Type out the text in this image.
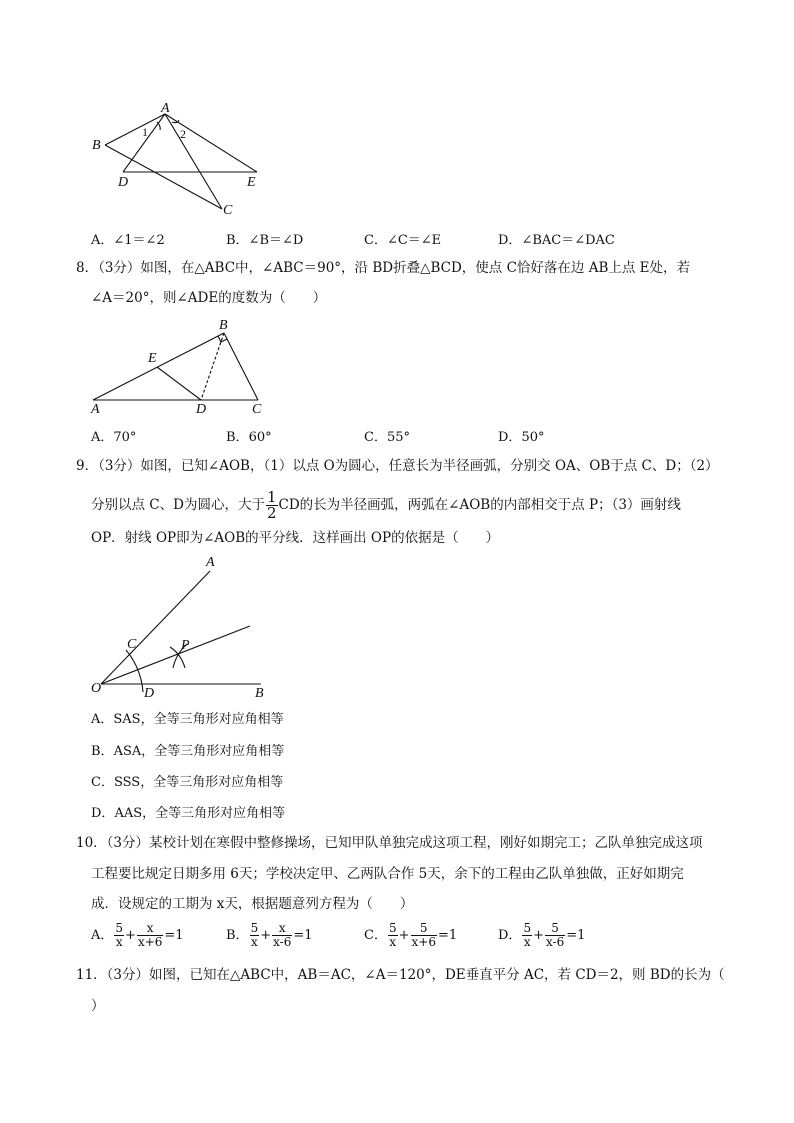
A
B
D	E
C
1	2
A．∠1＝∠2	B．∠B＝∠D	C．∠C＝∠E	D．∠BAC＝∠DAC
8．（3分）如图，在△ABC中，∠ABC＝90°，沿 BD折叠△BCD，使点 C恰好落在边 AB上点 E处，若
∠A＝20°，则∠ADE的度数为（　　）
B
E
A	D	C
A．70°	B．60°	C．55°	D．50°
9．（3分）如图，已知∠AOB，（1）以点 O为圆心，任意长为半径画弧，分别交 OA、OB于点 C、D；（2）
分别以点 C、D为圆心，大于 $\frac{1}{2}$ CD的长为半径画弧，两弧在∠AOB的内部相交于点 P；（3）画射线
OP．射线 OP即为∠AOB的平分线．这样画出 OP的依据是（　　）
A
C	P
O	D	B
A．SAS，全等三角形对应角相等
B．ASA，全等三角形对应角相等
C．SSS，全等三角形对应角相等
D．AAS，全等三角形对应角相等
10．（3分）某校计划在寒假中整修操场，已知甲队单独完成这项工程，刚好如期完工；乙队单独完成这项
工程要比规定日期多用 6天；学校决定甲、乙两队合作 5天，余下的工程由乙队单独做，正好如期完
成．设规定的工期为 x天，根据题意列方程为（　　）
A． $\frac{5}{x} + \frac{x}{x+6} =1$	B． $\frac{5}{x} + \frac{x}{x-6} =1$	C． $\frac{5}{x} + \frac{5}{x+6} =1$	D． $\frac{5}{x} + \frac{5}{x-6} =1$
11．（3分）如图，已知在△ABC中，AB＝AC，∠A＝120°，DE垂直平分 AC，若 CD＝2，则 BD的长为（
）
